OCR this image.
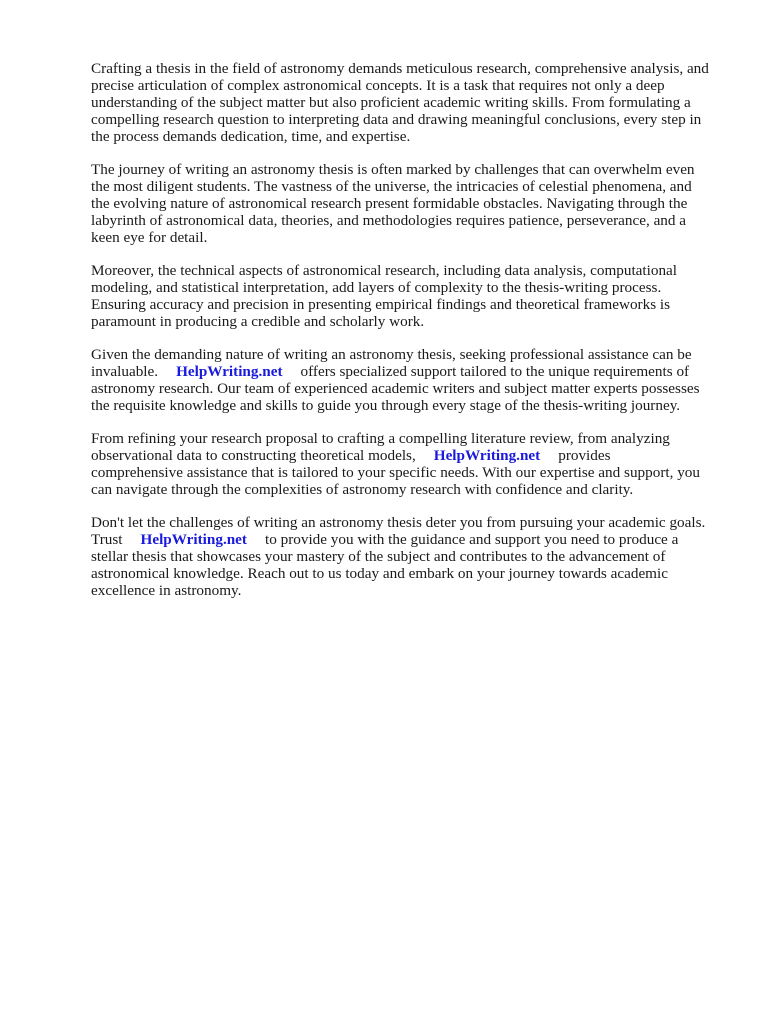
Crafting a thesis in the field of astronomy demands meticulous research, comprehensive analysis, and
precise articulation of complex astronomical concepts. It is a task that requires not only a deep
understanding of the subject matter but also proficient academic writing skills. From formulating a
compelling research question to interpreting data and drawing meaningful conclusions, every step in
the process demands dedication, time, and expertise.

The journey of writing an astronomy thesis is often marked by challenges that can overwhelm even
the most diligent students. The vastness of the universe, the intricacies of celestial phenomena, and
the evolving nature of astronomical research present formidable obstacles. Navigating through the
labyrinth of astronomical data, theories, and methodologies requires patience, perseverance, and a
keen eye for detail.

Moreover, the technical aspects of astronomical research, including data analysis, computational
modeling, and statistical interpretation, add layers of complexity to the thesis-writing process.
Ensuring accuracy and precision in presenting empirical findings and theoretical frameworks is
paramount in producing a credible and scholarly work.

Given the demanding nature of writing an astronomy thesis, seeking professional assistance can be
invaluable. HelpWriting.net offers specialized support tailored to the unique requirements of
astronomy research. Our team of experienced academic writers and subject matter experts possesses
the requisite knowledge and skills to guide you through every stage of the thesis-writing journey.

From refining your research proposal to crafting a compelling literature review, from analyzing
observational data to constructing theoretical models, HelpWriting.net provides
comprehensive assistance that is tailored to your specific needs. With our expertise and support, you
can navigate through the complexities of astronomy research with confidence and clarity.

Don't let the challenges of writing an astronomy thesis deter you from pursuing your academic goals.
Trust HelpWriting.net to provide you with the guidance and support you need to produce a
stellar thesis that showcases your mastery of the subject and contributes to the advancement of
astronomical knowledge. Reach out to us today and embark on your journey towards academic
excellence in astronomy.
